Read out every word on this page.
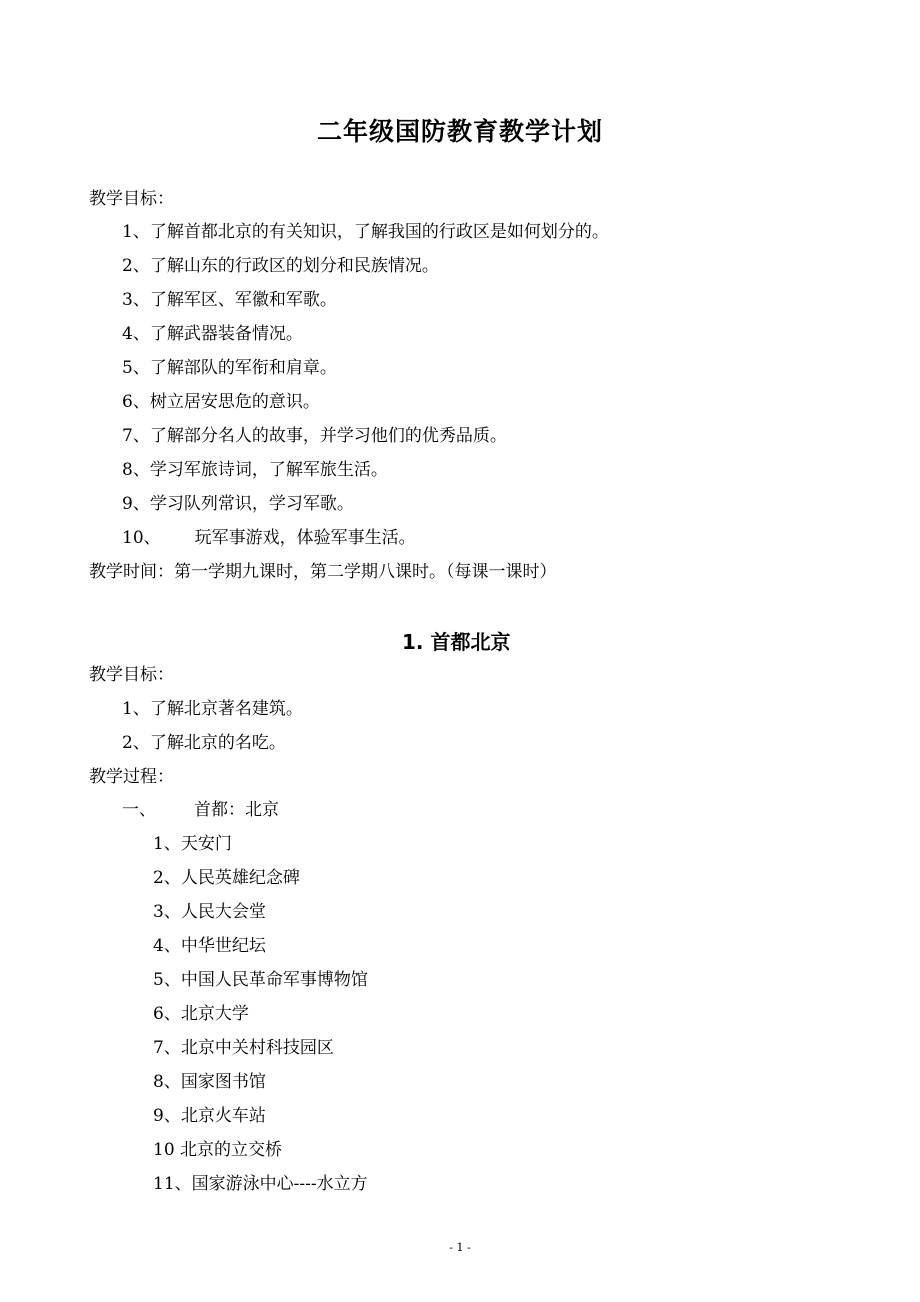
二年级国防教育教学计划
教学目标：
1、了解首都北京的有关知识，了解我国的行政区是如何划分的。
2、了解山东的行政区的划分和民族情况。
3、了解军区、军徽和军歌。
4、了解武器装备情况。
5、了解部队的军衔和肩章。
6、树立居安思危的意识。
7、了解部分名人的故事，并学习他们的优秀品质。
8、学习军旅诗词，了解军旅生活。
9、学习队列常识，学习军歌。
10、 玩军事游戏，体验军事生活。
教学时间：第一学期九课时，第二学期八课时。（每课一课时）
1. 首都北京
教学目标：
1、了解北京著名建筑。
2、了解北京的名吃。
教学过程：
一、 首都：北京
1、天安门
2、人民英雄纪念碑
3、人民大会堂
4、中华世纪坛
5、中国人民革命军事博物馆
6、北京大学
7、北京中关村科技园区
8、国家图书馆
9、北京火车站
10 北京的立交桥
11、国家游泳中心----水立方
- 1 -
